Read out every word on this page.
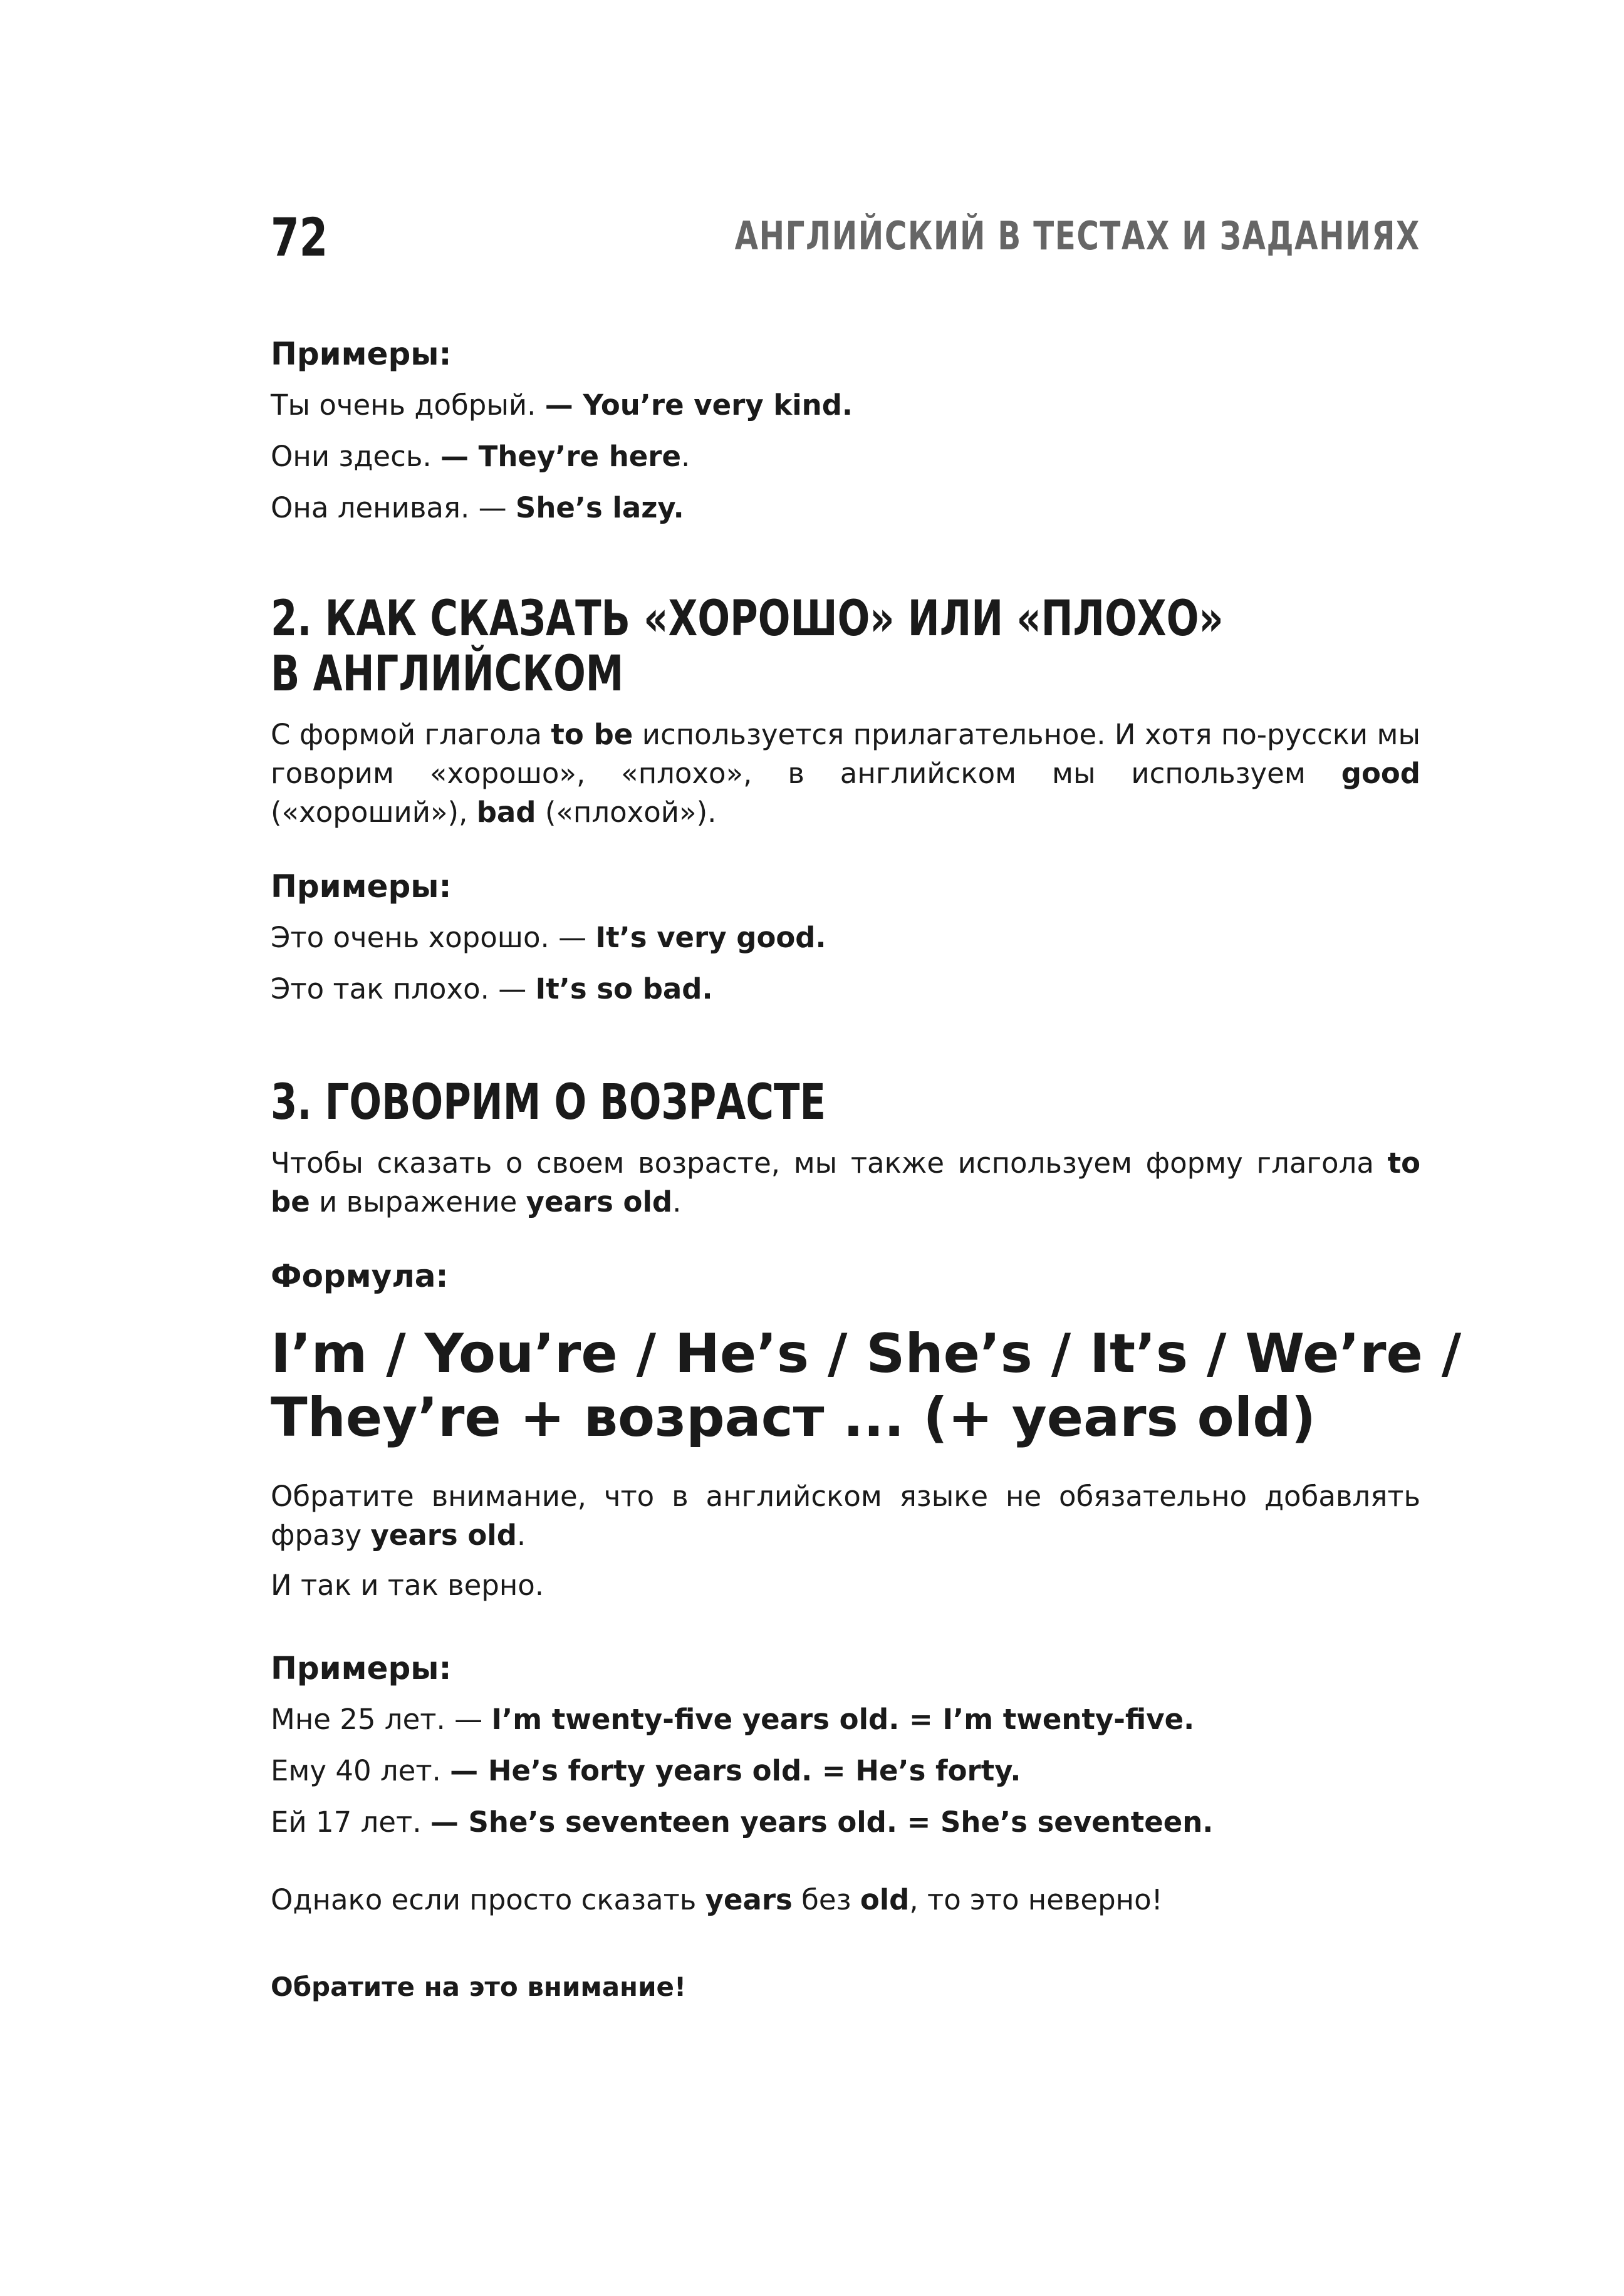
72	АНГЛИЙСКИЙ В ТЕСТАХ И ЗАДАНИЯХ

Примеры:

Ты очень добрый. — You’re very kind.

Они здесь. — They’re here.

Она ленивая. — She’s lazy.

2. КАК СКАЗАТЬ «ХОРОШО» ИЛИ «ПЛОХО»
В АНГЛИЙСКОМ

С формой глагола to be используется прилагательное. И хотя по-русски мы говорим «хорошо», «плохо», в английском мы используем good («хороший»), bad («плохой»).

Примеры:

Это очень хорошо. — It’s very good.

Это так плохо. — It’s so bad.

3. ГОВОРИМ О ВОЗРАСТЕ

Чтобы сказать о своем возрасте, мы также используем форму глагола to be и выражение years old.

Формула:

I’m / You’re / He’s / She’s / It’s / We’re /
They’re + возраст ... (+ years old)

Обратите внимание, что в английском языке не обязательно добавлять фразу years old.

И так и так верно.

Примеры:

Мне 25 лет. — I’m twenty-five years old. = I’m twenty-five.

Ему 40 лет. — He’s forty years old. = He’s forty.

Ей 17 лет. — She’s seventeen years old. = She’s seventeen.

Однако если просто сказать years без old, то это неверно!

Обратите на это внимание!
